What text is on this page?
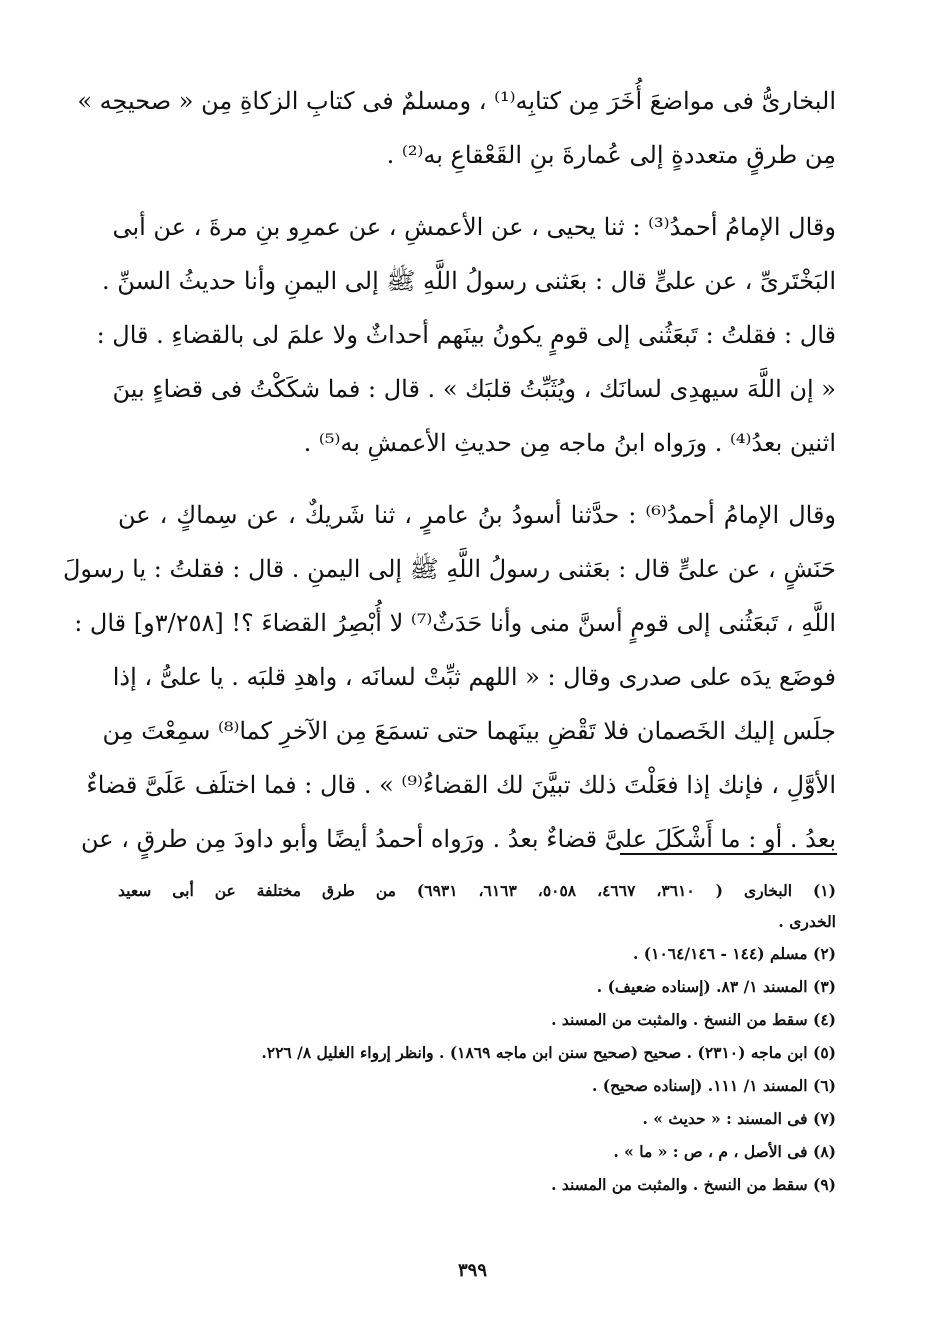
البخارىُّ فى مواضعَ أُخَرَ مِن كتابِه⁽¹⁾ ، ومسلمٌ فى كتابِ الزكاةِ مِن « صحيحِه »
مِن طرقٍ متعددةٍ إلى عُمارةَ بنِ القَعْقاعِ به⁽²⁾ .
وقال الإمامُ أحمدُ⁽³⁾ : ثنا يحيى ، عن الأعمشِ ، عن عمرِو بنِ مرةَ ، عن أبى
البَخْتَرىِّ ، عن علىٍّ قال : بعَثنى رسولُ اللَّهِ ﷺ إلى اليمنِ وأنا حديثُ السنِّ .
قال : فقلتُ : تَبعَثُنى إلى قومٍ يكونُ بينَهم أحداثٌ ولا علمَ لى بالقضاءِ . قال :
« إن اللَّهَ سيهدِى لسانَك ، ويُثَبِّتُ قلبَك » . قال : فما شكَكْتُ فى قضاءٍ بينَ
اثنين بعدُ⁽⁴⁾ . ورَواه ابنُ ماجه مِن حديثِ الأعمشِ به⁽⁵⁾ .
وقال الإمامُ أحمدُ⁽⁶⁾ : حدَّثنا أسودُ بنُ عامرٍ ، ثنا شَريكٌ ، عن سِماكٍ ، عن
حَنَشٍ ، عن علىٍّ قال : بعَثنى رسولُ اللَّهِ ﷺ إلى اليمنِ . قال : فقلتُ : يا رسولَ
اللَّهِ ، تَبعَثُنى إلى قومٍ أسنَّ منى وأنا حَدَثٌ⁽⁷⁾ لا أُبْصِرُ القضاءَ ؟! [٣/٢٥٨و] قال :
فوضَع يدَه على صدرى وقال : « اللهم ثبِّتْ لسانَه ، واهدِ قلبَه . يا علىُّ ، إذا
جلَس إليك الخَصمان فلا تَقْضِ بينَهما حتى تسمَعَ مِن الآخرِ كما⁽⁸⁾ سمِعْتَ مِن
الأوَّلِ ، فإنك إذا فعَلْتَ ذلك تبيَّنَ لك القضاءُ⁽⁹⁾ » . قال : فما اختلَف عَلَىَّ قضاءٌ
بعدُ . أو : ما أَشْكَلَ علىَّ قضاءٌ بعدُ . ورَواه أحمدُ أيضًا وأبو داودَ مِن طرقٍ ، عن
(١) البخارى ( ٣٦١٠، ٤٦٦٧، ٥٠٥٨، ٦١٦٣، ٦٩٣١) من طرق مختلفة عن أبى سعيد
الخدرى .
(٢) مسلم (١٤٤ - ١٠٦٤/١٤٦) .
(٣) المسند ١/ ٨٣. (إسناده ضعيف) .
(٤) سقط من النسخ . والمثبت من المسند .
(٥) ابن ماجه (٢٣١٠) . صحيح (صحيح سنن ابن ماجه ١٨٦٩) . وانظر إرواء الغليل ٨/ ٢٢٦.
(٦) المسند ١/ ١١١. (إسناده صحيح) .
(٧) فى المسند : « حديث » .
(٨) فى الأصل ، م ، ص : « ما » .
(٩) سقط من النسخ . والمثبت من المسند .
٣٩٩
